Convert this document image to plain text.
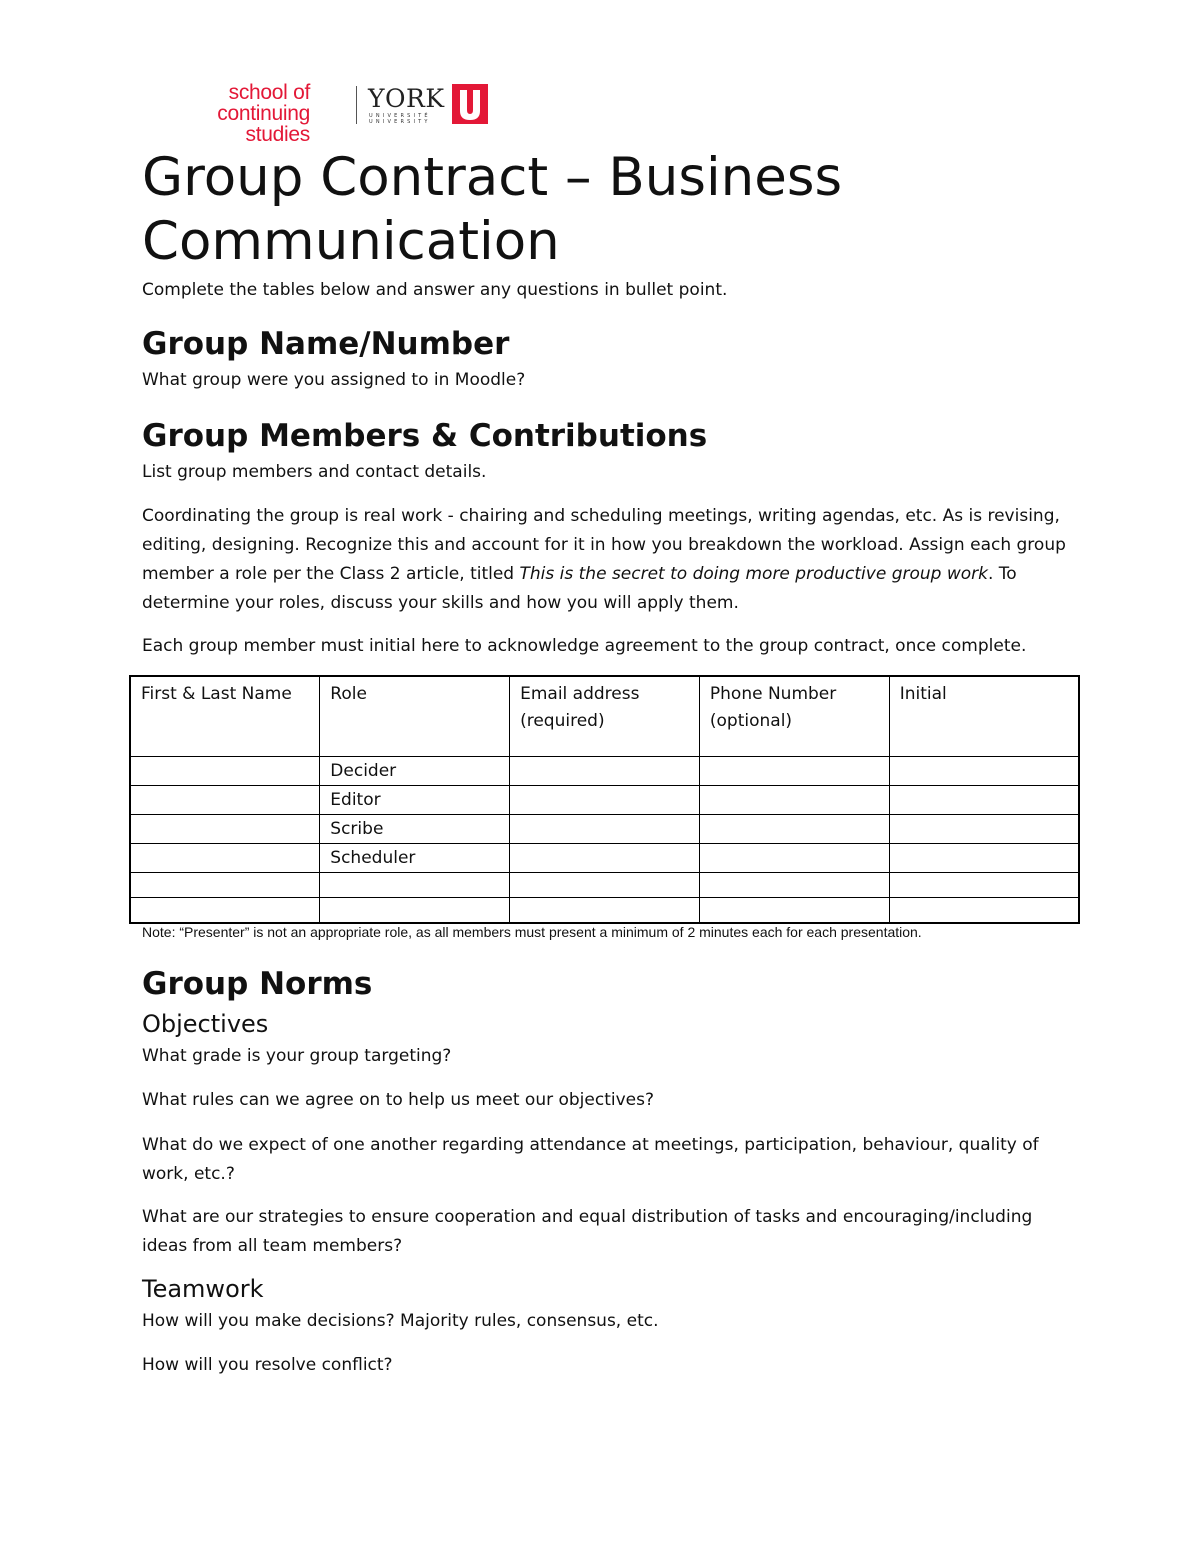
school of
continuing studies
YORK
UNIVERSITÉ
UNIVERSITY
Group Contract – Business Communication

Complete the tables below and answer any questions in bullet point.

Group Name/Number

What group were you assigned to in Moodle?

Group Members & Contributions

List group members and contact details.

Coordinating the group is real work - chairing and scheduling meetings, writing agendas, etc. As is revising, editing, designing. Recognize this and account for it in how you breakdown the workload. Assign each group member a role per the Class 2 article, titled This is the secret to doing more productive group work. To determine your roles, discuss your skills and how you will apply them.

Each group member must initial here to acknowledge agreement to the group contract, once complete.

First & Last Name	Role	Email address (required)	Phone Number (optional)	Initial
	Decider			
	Editor			
	Scribe			
	Scheduler			

Note: “Presenter” is not an appropriate role, as all members must present a minimum of 2 minutes each for each presentation.
Group Norms
Objectives

What grade is your group targeting?

What rules can we agree on to help us meet our objectives?

What do we expect of one another regarding attendance at meetings, participation, behaviour, quality of work, etc.?

What are our strategies to ensure cooperation and equal distribution of tasks and encouraging/including ideas from all team members?

Teamwork

How will you make decisions? Majority rules, consensus, etc.

How will you resolve conflict?
